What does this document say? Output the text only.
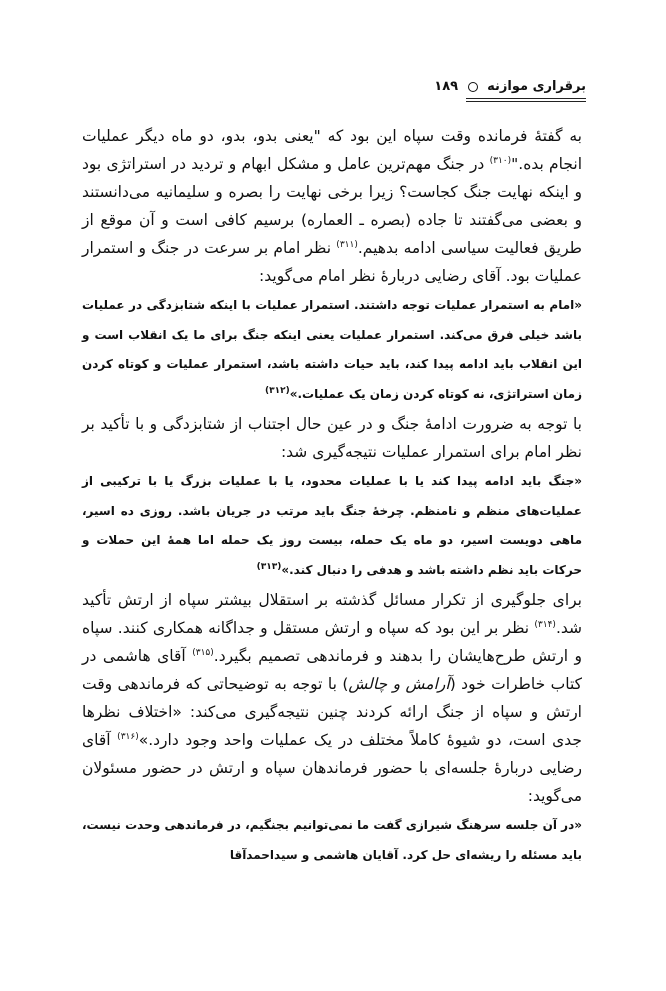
برقراری موازنه  ۱۸۹

به گفتهٔ فرمانده وقت سپاه این بود که "یعنی بدو، بدو، دو ماه دیگر عملیات انجام بده."$^{(۳۱۰)}$ در جنگ مهم‌ترین عامل و مشکل ابهام و تردید در استراتژی بود و اینکه نهایت جنگ کجاست؟ زیرا برخی نهایت را بصره و سلیمانیه می‌دانستند و بعضی می‌گفتند تا جاده (بصره ـ العماره) برسیم کافی است و آن موقع از طریق فعالیت سیاسی ادامه بدهیم.$^{(۳۱۱)}$ نظر امام بر سرعت در جنگ و استمرار عملیات بود. آقای رضایی دربارهٔ نظر امام می‌گوید:

«امام به استمرار عملیات توجه داشتند. استمرار عملیات با اینکه شتابزدگی در عملیات باشد خیلی فرق می‌کند. استمرار عملیات یعنی اینکه جنگ برای ما یک انقلاب است و این انقلاب باید ادامه پیدا کند، باید حیات داشته باشد، استمرار عملیات و کوتاه کردن زمان استراتژی، نه کوتاه کردن زمان یک عملیات.»$^{(۳۱۲)}$

با توجه به ضرورت ادامهٔ جنگ و در عین حال اجتناب از شتابزدگی و با تأکید بر نظر امام برای استمرار عملیات نتیجه‌گیری شد:

«جنگ باید ادامه پیدا کند یا با عملیات محدود، یا با عملیات بزرگ یا با ترکیبی از عملیات‌های منظم و نامنظم. چرخهٔ جنگ باید مرتب در جریان باشد. روزی ده اسیر، ماهی دویست اسیر، دو ماه یک حمله، بیست روز یک حمله اما همهٔ این حملات و حرکات باید نظم داشته باشد و هدفی را دنبال کند.»$^{(۳۱۳)}$

برای جلوگیری از تکرار مسائل گذشته بر استقلال بیشتر سپاه از ارتش تأکید شد.$^{(۳۱۴)}$ نظر بر این بود که سپاه و ارتش مستقل و جداگانه همکاری کنند. سپاه و ارتش طرح‌هایشان را بدهند و فرماندهی تصمیم بگیرد.$^{(۳۱۵)}$ آقای هاشمی در کتاب خاطرات خود (آرامش و چالش) با توجه به توضیحاتی که فرماندهی وقت ارتش و سپاه از جنگ ارائه کردند چنین نتیجه‌گیری می‌کند: «اختلاف نظرها جدی است، دو شیوهٔ کاملاً مختلف در یک عملیات واحد وجود دارد.»$^{(۳۱۶)}$ آقای رضایی دربارهٔ جلسه‌ای با حضور فرماندهان سپاه و ارتش در حضور مسئولان می‌گوید:

«در آن جلسه سرهنگ شیرازی گفت ما نمی‌توانیم بجنگیم، در فرماندهی وحدت نیست، باید مسئله را ریشه‌ای حل کرد. آقایان هاشمی و سیداحمدآقا
